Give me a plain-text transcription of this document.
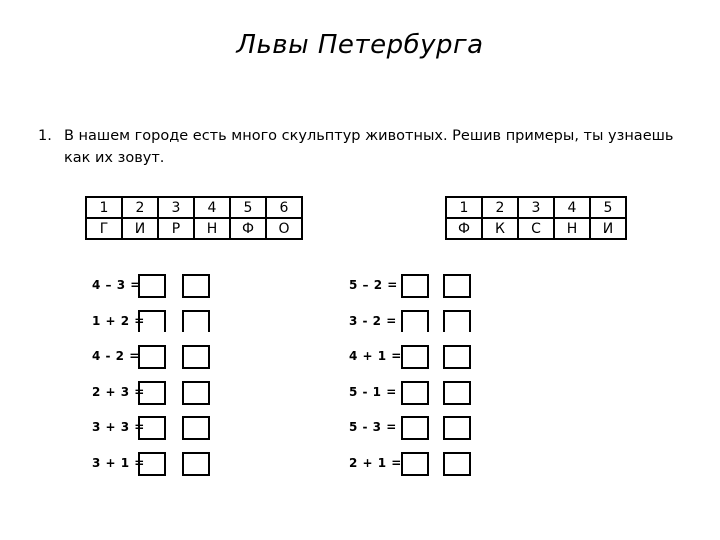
Львы Петербурга
1. В нашем городе есть много скульптур животных. Решив примеры, ты узнаешь
как их зовут.
1	2	3	4	5	6
Г	И	Р	Н	Ф	О
1	2	3	4	5
Ф	К	С	Н	И
4 – 3 =
1 + 2 =
4 - 2 =
2 + 3 =
3 + 3 =
3 + 1 =
5 – 2 =
3 - 2 =
4 + 1 =
5 - 1 =
5 - 3 =
2 + 1 =
